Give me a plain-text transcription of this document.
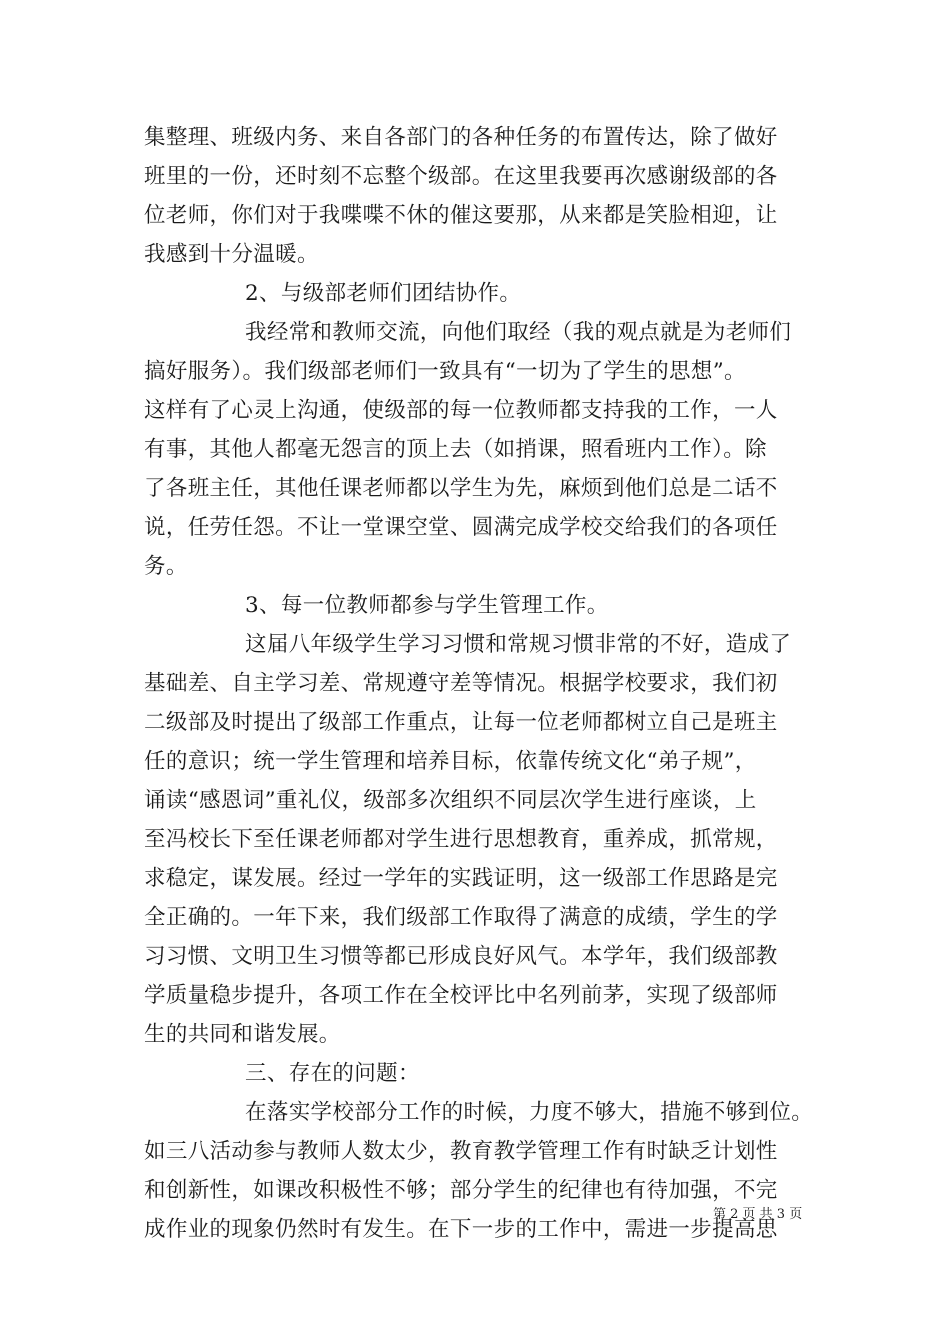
集整理、班级内务、来自各部门的各种任务的布置传达，除了做好
班里的一份，还时刻不忘整个级部。在这里我要再次感谢级部的各
位老师，你们对于我喋喋不休的催这要那，从来都是笑脸相迎，让
我感到十分温暖。
2、与级部老师们团结协作。
我经常和教师交流，向他们取经（我的观点就是为老师们
搞好服务）。我们级部老师们一致具有“一切为了学生的思想”。
这样有了心灵上沟通，使级部的每一位教师都支持我的工作，一人
有事，其他人都毫无怨言的顶上去（如捎课，照看班内工作）。除
了各班主任，其他任课老师都以学生为先，麻烦到他们总是二话不
说，任劳任怨。不让一堂课空堂、圆满完成学校交给我们的各项任
务。
3、每一位教师都参与学生管理工作。
这届八年级学生学习习惯和常规习惯非常的不好，造成了
基础差、自主学习差、常规遵守差等情况。根据学校要求，我们初
二级部及时提出了级部工作重点，让每一位老师都树立自己是班主
任的意识；统一学生管理和培养目标，依靠传统文化“弟子规”，
诵读“感恩词”重礼仪，级部多次组织不同层次学生进行座谈，上
至冯校长下至任课老师都对学生进行思想教育，重养成，抓常规，
求稳定，谋发展。经过一学年的实践证明，这一级部工作思路是完
全正确的。一年下来，我们级部工作取得了满意的成绩，学生的学
习习惯、文明卫生习惯等都已形成良好风气。本学年，我们级部教
学质量稳步提升，各项工作在全校评比中名列前茅，实现了级部师
生的共同和谐发展。
三、存在的问题：
在落实学校部分工作的时候，力度不够大，措施不够到位。
如三八活动参与教师人数太少，教育教学管理工作有时缺乏计划性
和创新性，如课改积极性不够；部分学生的纪律也有待加强，不完
成作业的现象仍然时有发生。在下一步的工作中，需进一步提高思
第 2 页 共 3 页
